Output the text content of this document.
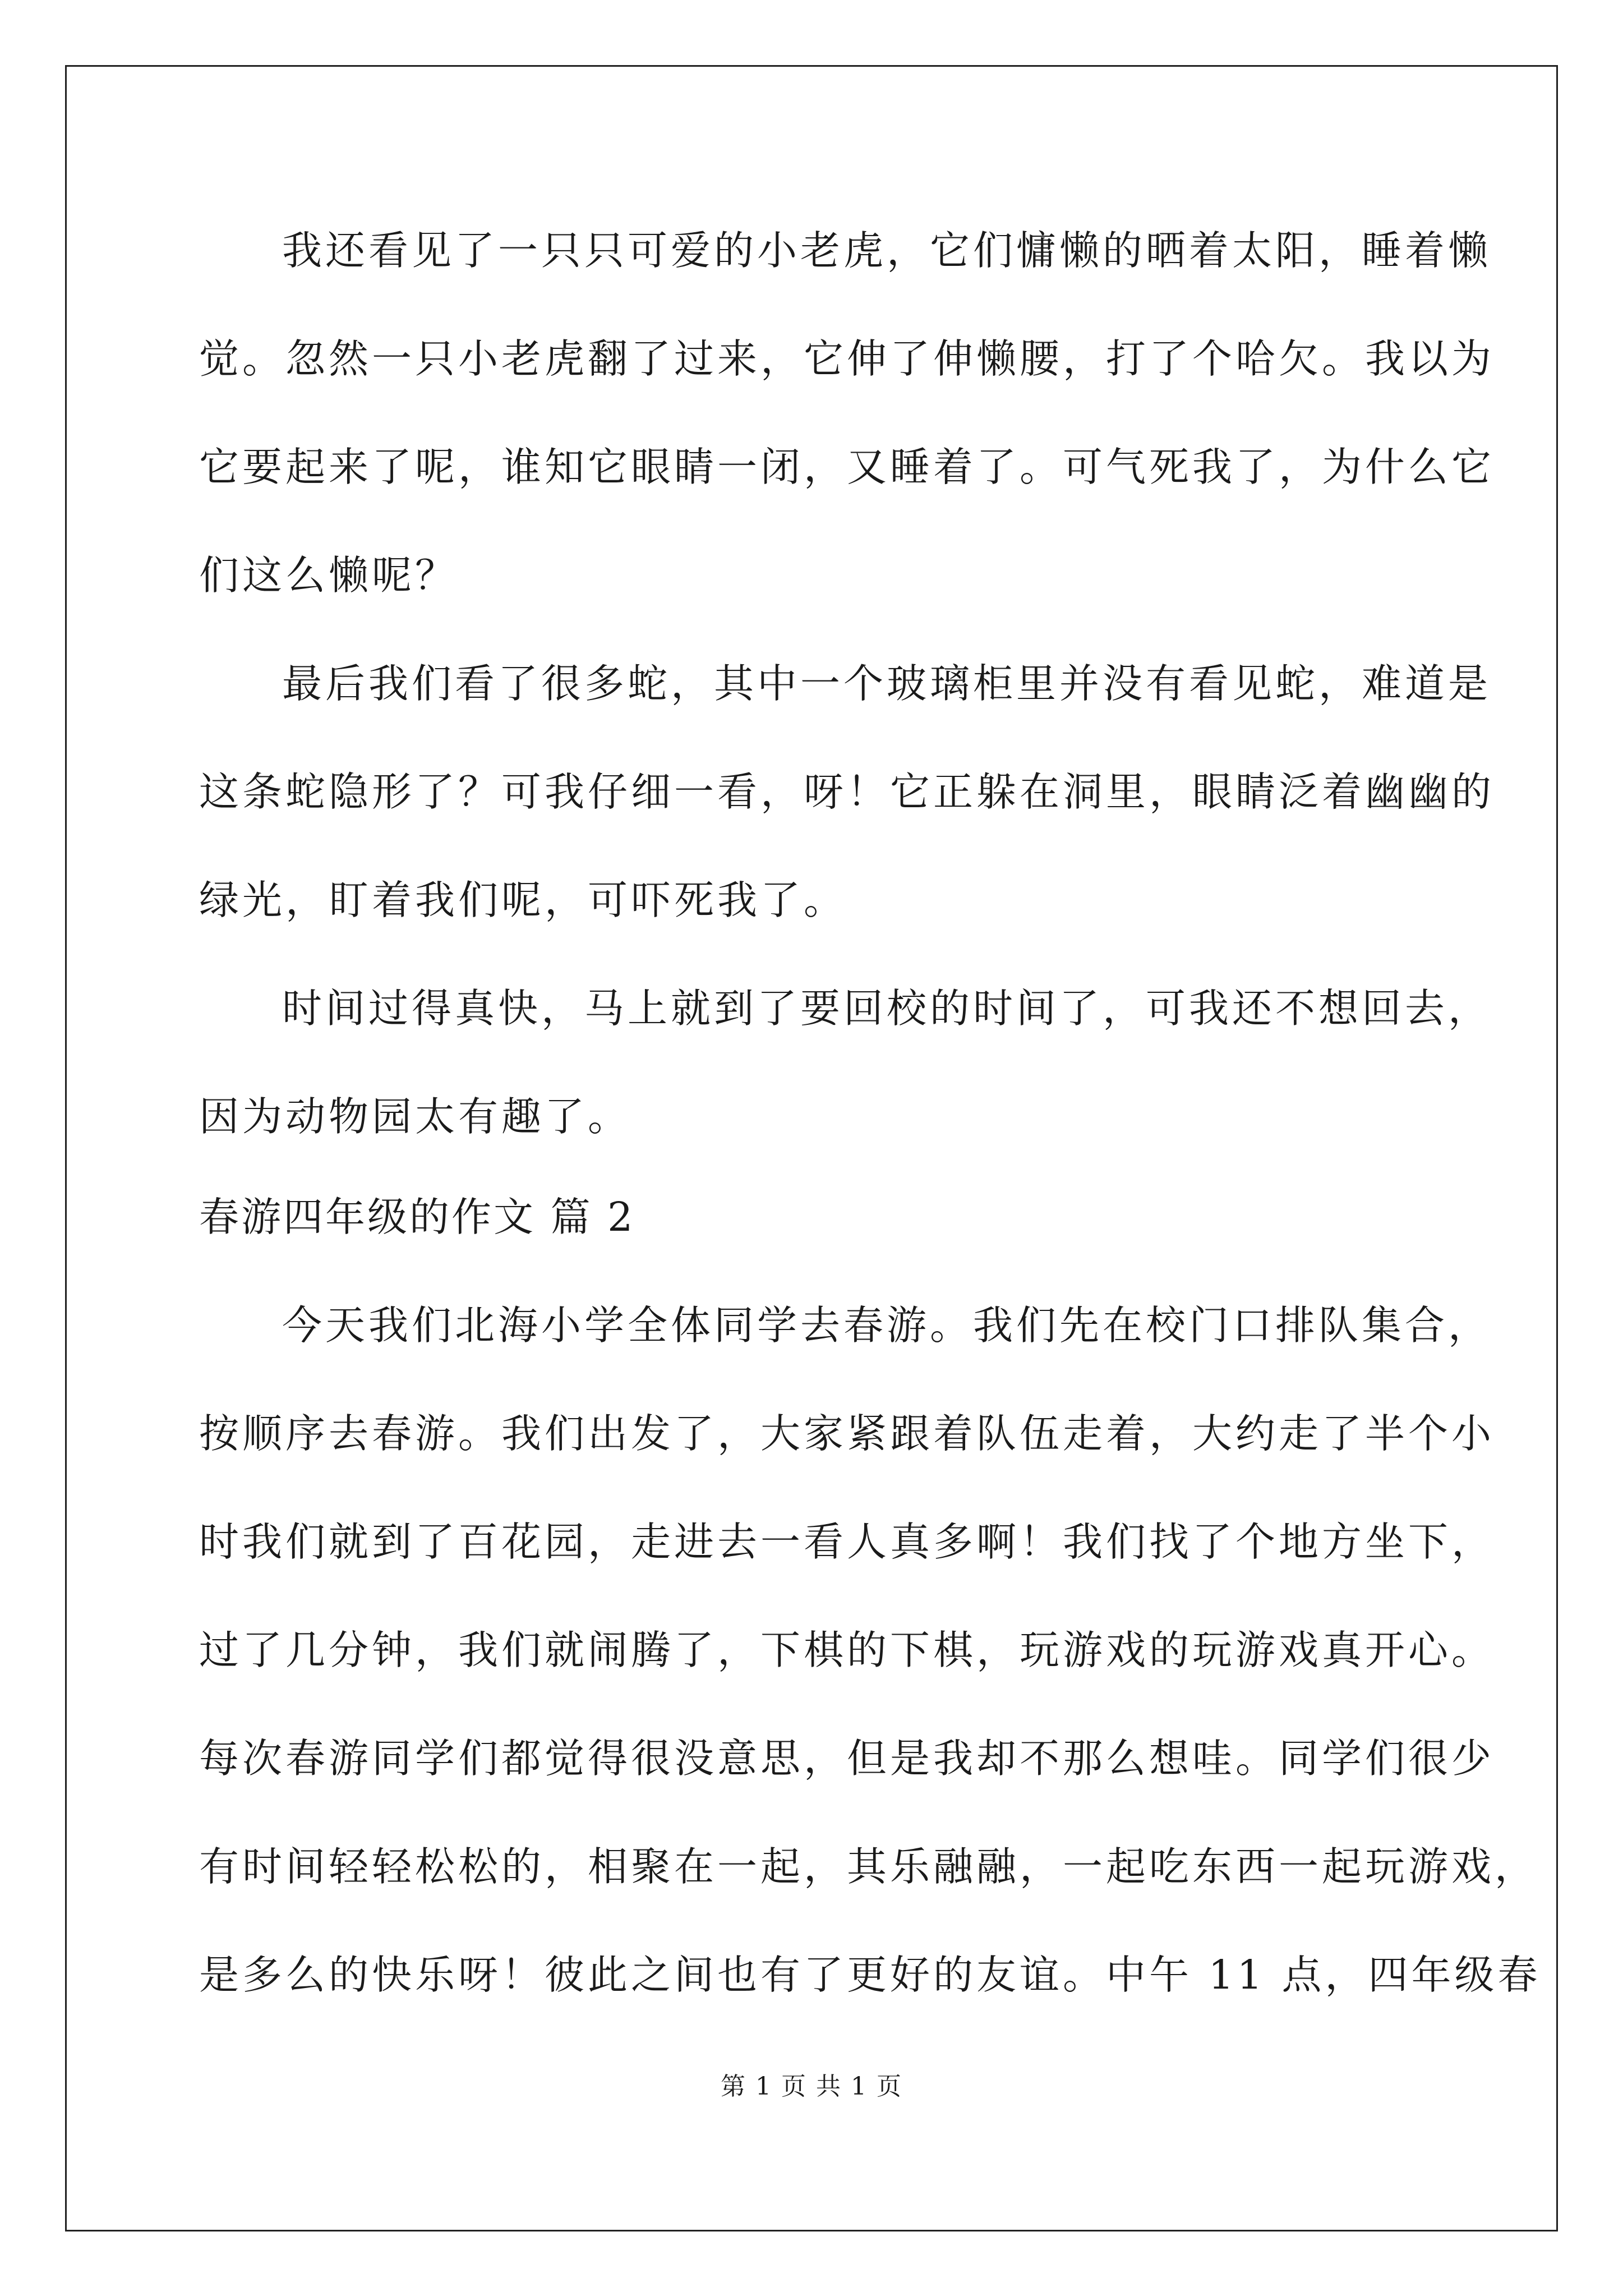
我还看见了一只只可爱的小老虎，它们慵懒的晒着太阳，睡着懒
觉。忽然一只小老虎翻了过来，它伸了伸懒腰，打了个哈欠。我以为
它要起来了呢，谁知它眼睛一闭，又睡着了。可气死我了，为什么它
们这么懒呢？
最后我们看了很多蛇，其中一个玻璃柜里并没有看见蛇，难道是
这条蛇隐形了？可我仔细一看，呀！它正躲在洞里，眼睛泛着幽幽的
绿光，盯着我们呢，可吓死我了。
时间过得真快，马上就到了要回校的时间了，可我还不想回去，
因为动物园太有趣了。
春游四年级的作文 篇 2
今天我们北海小学全体同学去春游。我们先在校门口排队集合，
按顺序去春游。我们出发了，大家紧跟着队伍走着，大约走了半个小
时我们就到了百花园，走进去一看人真多啊！我们找了个地方坐下，
过了几分钟，我们就闹腾了，下棋的下棋，玩游戏的玩游戏真开心。
每次春游同学们都觉得很没意思，但是我却不那么想哇。同学们很少
有时间轻轻松松的，相聚在一起，其乐融融，一起吃东西一起玩游戏，
是多么的快乐呀！彼此之间也有了更好的友谊。中午 11 点，四年级春
第 1 页 共 1 页
